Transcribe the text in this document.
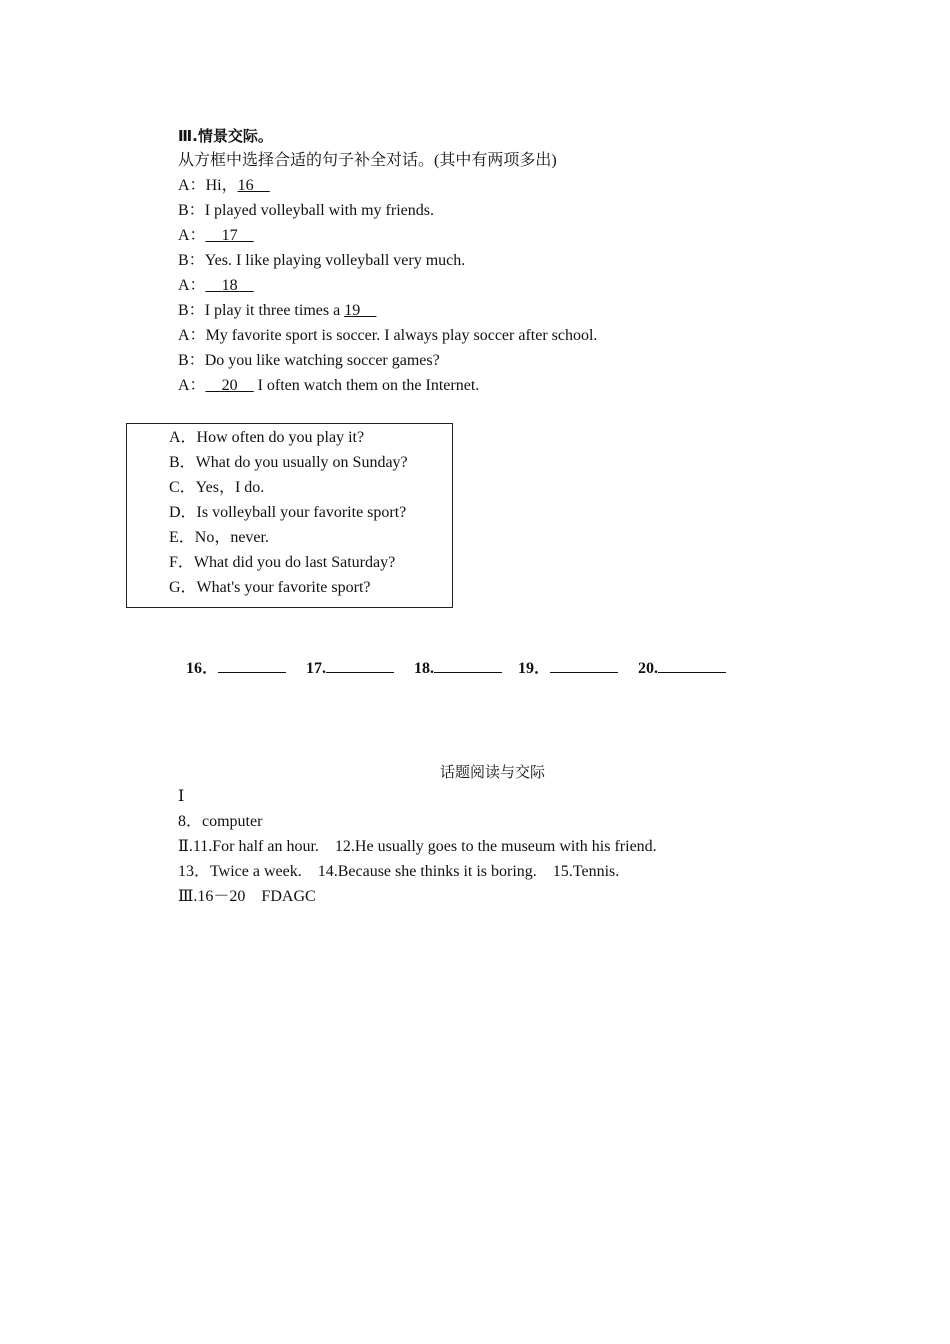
Ⅲ.情景交际。
从方框中选择合适的句子补全对话。(其中有两项多出)
A：Hi，16__
B：I played volleyball with my friends.
A：__17__
B：Yes. I like playing volleyball very much.
A：__18__
B：I play it three times a 19__
A：My favorite sport is soccer. I always play soccer after school.
B：Do you like watching soccer games?
A：__20__ I often watch them on the Internet.
A．How often do you play it?
B．What do you usually on Sunday?
C．Yes，I do.
D．Is volleyball your favorite sport?
E．No，never.
F．What did you do last Saturday?
G．What's your favorite sport?

16．	17.	18.	19．	20.

话题阅读与交际
Ⅰ
8．computer
Ⅱ.11.For half an hour.    12.He usually goes to the museum with his friend.
13．Twice a week.    14.Because she thinks it is boring.    15.Tennis.
Ⅲ.16－20    FDAGC
